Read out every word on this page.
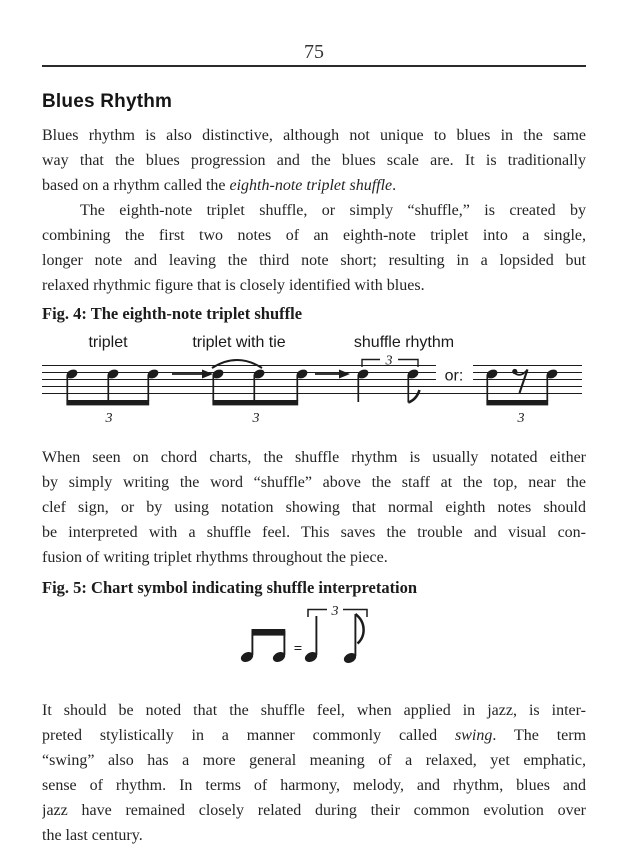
75
Blues Rhythm
Blues rhythm is also distinctive, although not unique to blues in the same
way that the blues progression and the blues scale are. It is traditionally
based on a rhythm called the eighth-note triplet shuffle.
The eighth-note triplet shuffle, or simply “shuffle,” is created by
combining the first two notes of an eighth-note triplet into a single,
longer note and leaving the third note short; resulting in a lopsided but
relaxed rhythmic figure that is closely identified with blues.
Fig. 4: The eighth-note triplet shuffle
triplet	triplet with tie	shuffle rhythm
3	3
3
or:
3
When seen on chord charts, the shuffle rhythm is usually notated either
by simply writing the word “shuffle” above the staff at the top, near the
clef sign, or by using notation showing that normal eighth notes should
be interpreted with a shuffle feel. This saves the trouble and visual con-
fusion of writing triplet rhythms throughout the piece.
Fig. 5: Chart symbol indicating shuffle interpretation
3
=
It should be noted that the shuffle feel, when applied in jazz, is inter-
preted stylistically in a manner commonly called swing. The term
“swing” also has a more general meaning of a relaxed, yet emphatic,
sense of rhythm. In terms of harmony, melody, and rhythm, blues and
jazz have remained closely related during their common evolution over
the last century.
